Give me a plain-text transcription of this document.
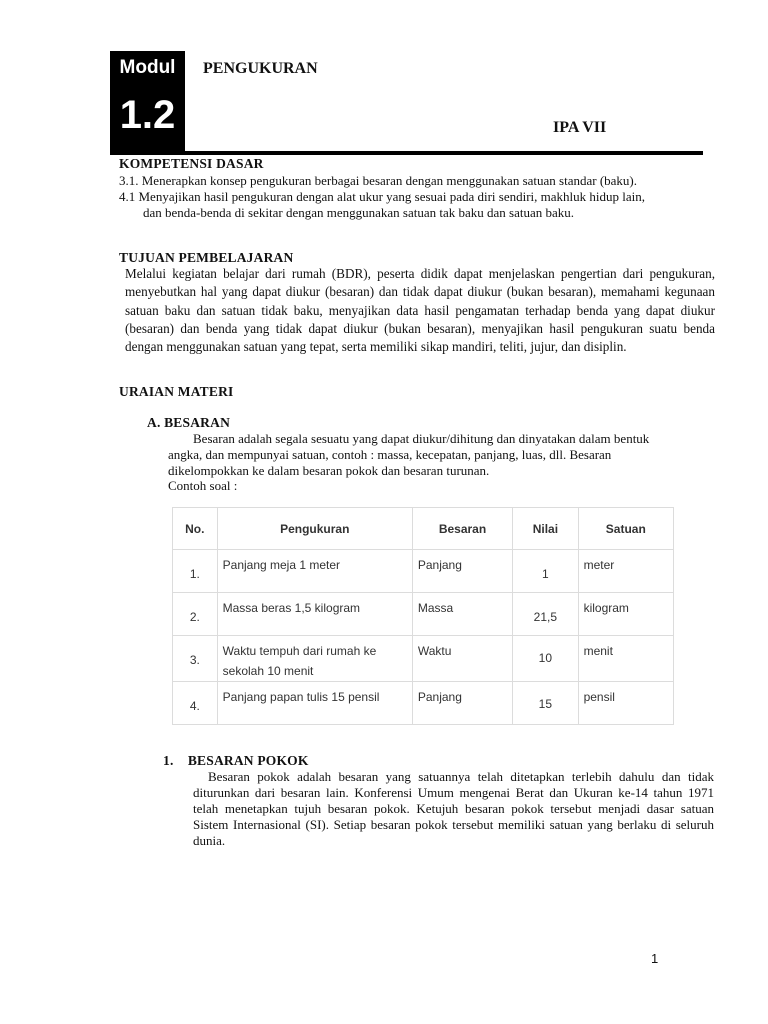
Modul
1.2
PENGUKURAN
IPA VII
KOMPETENSI DASAR
3.1. Menerapkan konsep pengukuran berbagai besaran dengan menggunakan satuan standar (baku).
4.1 Menyajikan hasil pengukuran dengan alat ukur yang sesuai pada diri sendiri, makhluk hidup lain,
dan benda-benda di sekitar dengan menggunakan satuan tak baku dan satuan baku.
TUJUAN PEMBELAJARAN
Melalui kegiatan belajar dari rumah (BDR), peserta didik dapat menjelaskan pengertian dari pengukuran, menyebutkan hal yang dapat diukur (besaran) dan tidak dapat diukur (bukan besaran), memahami kegunaan satuan baku dan satuan tidak baku, menyajikan data hasil pengamatan terhadap benda yang dapat diukur (besaran) dan benda yang tidak dapat diukur (bukan besaran), menyajikan hasil pengukuran suatu benda dengan menggunakan satuan yang tepat, serta memiliki sikap mandiri, teliti, jujur, dan disiplin.
URAIAN MATERI
A. BESARAN
Besaran adalah segala sesuatu yang dapat diukur/dihitung dan dinyatakan dalam bentuk
angka, dan mempunyai satuan, contoh : massa, kecepatan, panjang, luas, dll. Besaran
dikelompokkan ke dalam besaran pokok dan besaran turunan.
Contoh soal :
No.	Pengukuran	Besaran	Nilai	Satuan

1.	Panjang meja 1 meter	Panjang	1	meter

2.	Massa beras 1,5 kilogram	Massa	21,5	kilogram

3.	Waktu tempuh dari rumah ke sekolah 10 menit	Waktu	10	menit

4.	Panjang papan tulis 15 pensil	Panjang	15	pensil
1.    BESARAN POKOK
Besaran pokok adalah besaran yang satuannya telah ditetapkan terlebih dahulu dan tidak diturunkan dari besaran lain. Konferensi Umum mengenai Berat dan Ukuran ke-14 tahun 1971 telah menetapkan tujuh besaran pokok. Ketujuh besaran pokok tersebut menjadi dasar satuan Sistem Internasional (SI). Setiap besaran pokok tersebut memiliki satuan yang berlaku di seluruh dunia.
1
